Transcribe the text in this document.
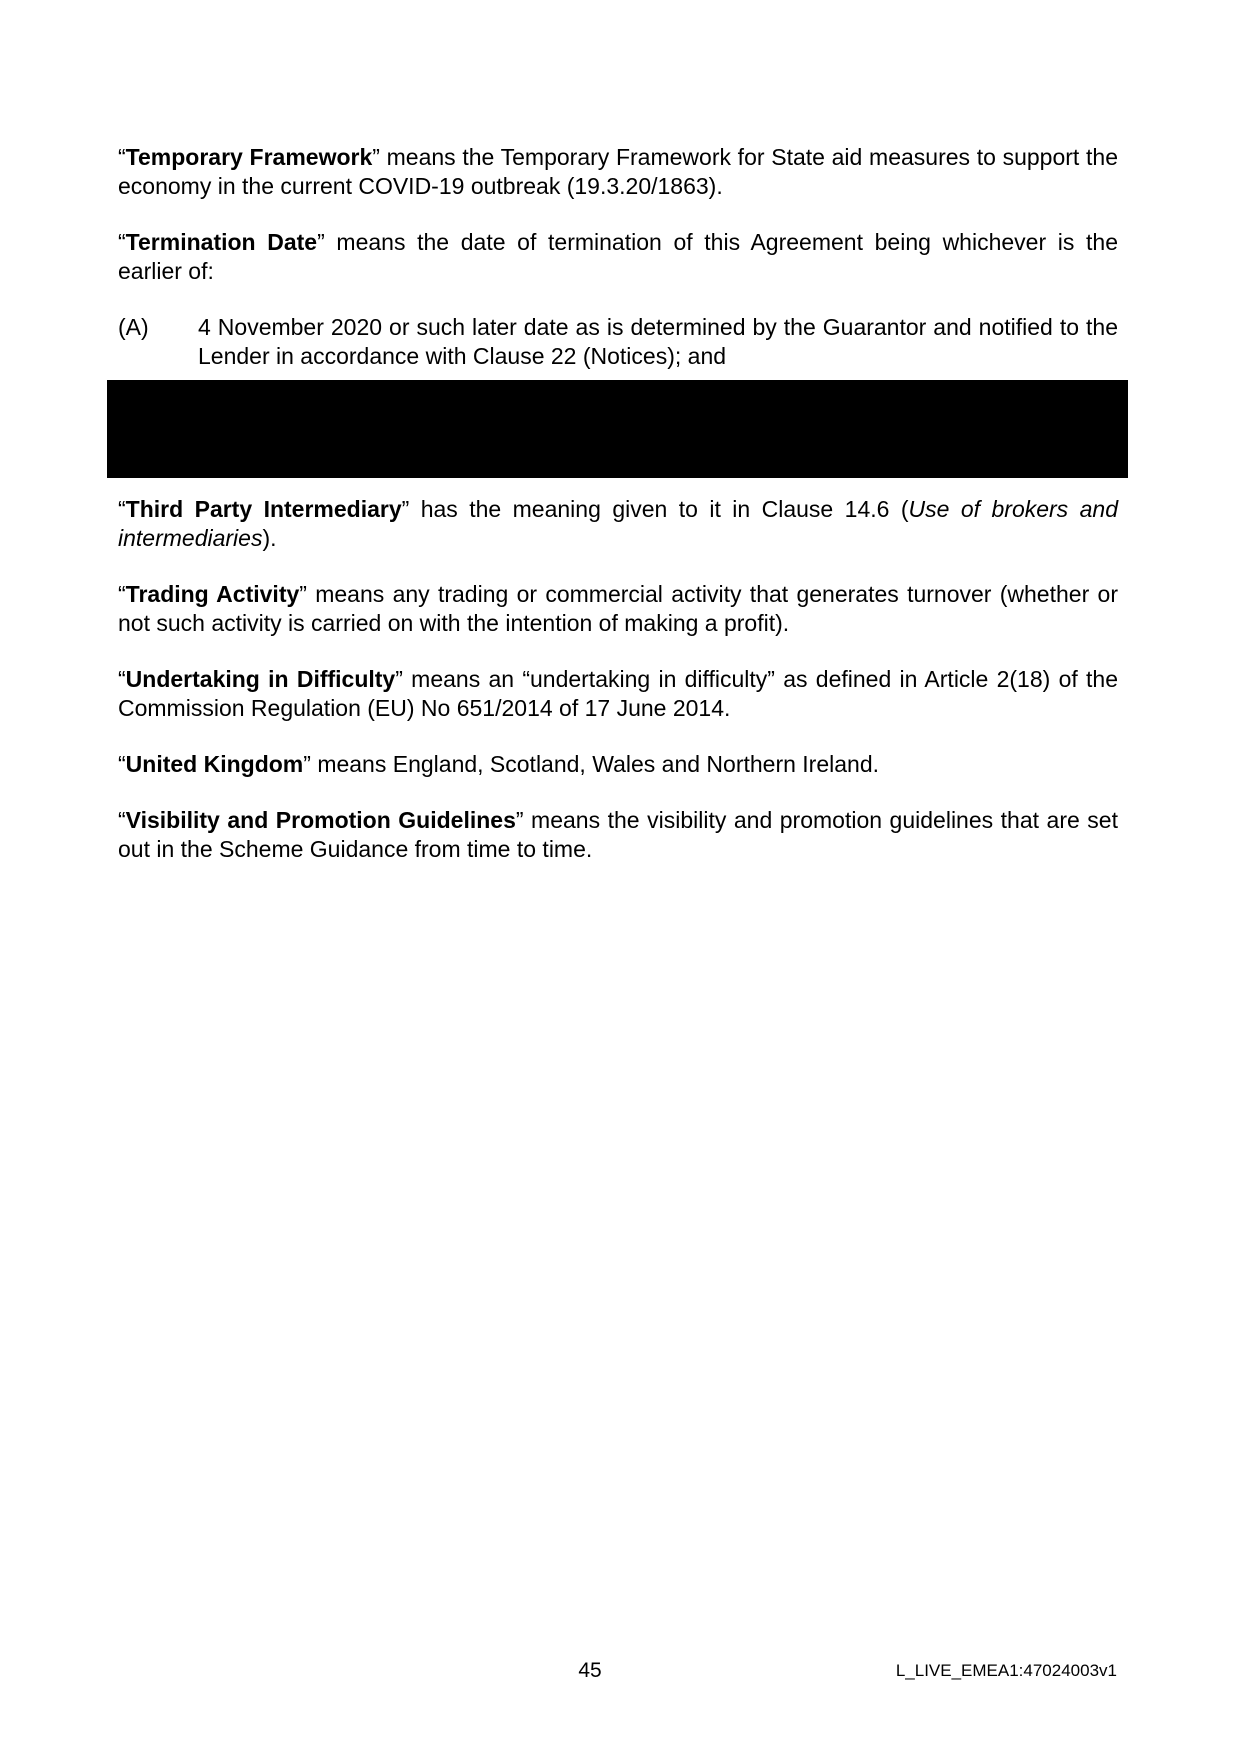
“Temporary Framework” means the Temporary Framework for State aid measures to support the economy in the current COVID-19 outbreak (19.3.20/1863).

“Termination Date” means the date of termination of this Agreement being whichever is the earlier of:

(A) 4 November 2020 or such later date as is determined by the Guarantor and notified to the Lender in accordance with Clause 22 (Notices); and

“Third Party Intermediary” has the meaning given to it in Clause 14.6 (Use of brokers and intermediaries).

“Trading Activity” means any trading or commercial activity that generates turnover (whether or not such activity is carried on with the intention of making a profit).

“Undertaking in Difficulty” means an “undertaking in difficulty” as defined in Article 2(18) of the Commission Regulation (EU) No 651/2014 of 17 June 2014.

“United Kingdom” means England, Scotland, Wales and Northern Ireland.

“Visibility and Promotion Guidelines” means the visibility and promotion guidelines that are set out in the Scheme Guidance from time to time.

45	L_LIVE_EMEA1:47024003v1
